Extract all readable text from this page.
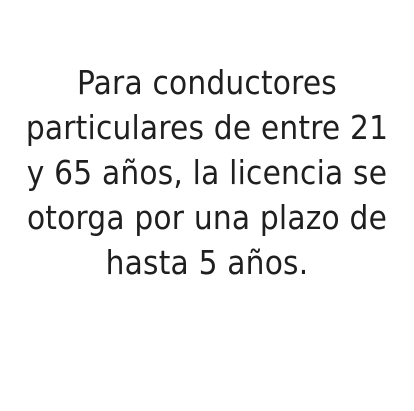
Para conductores
particulares de entre 21
y 65 años, la licencia se
otorga por una plazo de
hasta 5 años.
